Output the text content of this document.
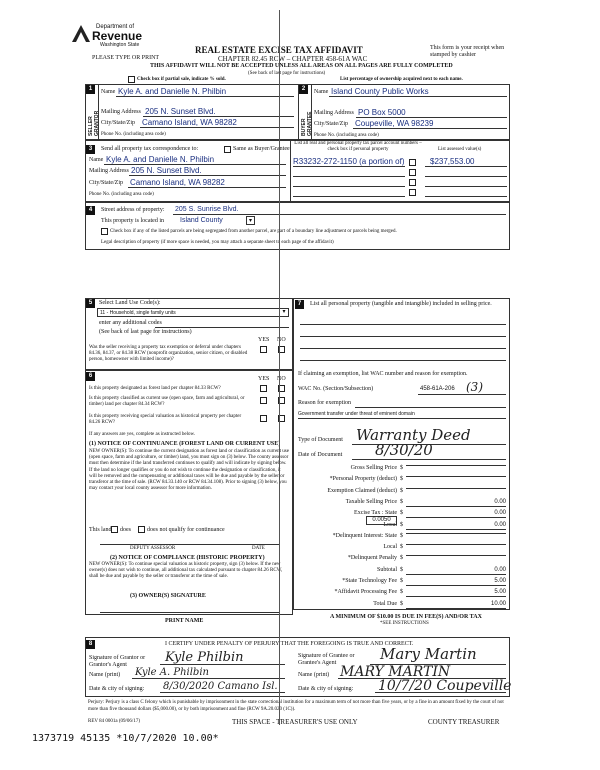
Department of
Revenue
Washington State	REAL ESTATE EXCISE TAX AFFIDAVIT
CHAPTER 82.45 RCW – CHAPTER 458-61A WAC
THIS AFFIDAVIT WILL NOT BE ACCEPTED UNLESS ALL AREAS ON ALL PAGES ARE FULLY COMPLETED
PLEASE TYPE OR PRINT
(See back of last page for instructions)
This form is your receipt when stamped by cashier
Check box if partial sale, indicate % sold.	List percentage of ownership acquired next to each name.
1
SELLER GRANTOR
Name Kyle A. and Danielle N. Philbin
Mailing Address 205 N. Sunset Blvd.
City/State/Zip Camano Island, WA 98282
Phone No. (including area code)
2
BUYER GRANTEE
Name Island County Public Works
Mailing Address PO Box 5000
City/State/Zip Coupeville, WA 98239
Phone No. (including area code)
3	Send all property tax correspondence to:	Same as Buyer/Grantee
Name Kyle A. and Danielle N. Philbin
Mailing Address 205 N. Sunset Blvd.
City/State/Zip Camano Island, WA 98282
Phone No. (including area code)
List all real and personal property tax parcel account numbers – check box if personal property	List assessed value(s)
R33232-272-1150 (a portion of)	$237,553.00
4	Street address of property: 205 S. Sunrise Blvd.
This property is located in Island County	▾
Check box if any of the listed parcels are being segregated from another parcel, are part of a boundary line adjustment or parcels being merged.
Legal description of property (if more space is needed, you may attach a separate sheet to each page of the affidavit)
5	Select Land Use Code(s):
11 - Household, single family units	▾
enter any additional codes
(See back of last page for instructions)
YES NO
Was the seller receiving a property tax exemption or deferral under chapters 84.36, 84.37, or 84.38 RCW (nonprofit organization, senior citizen, or disabled person, homeowner with limited income)?
6	YES NO
Is this property designated as forest land per chapter 84.33 RCW?
Is this property classified as current use (open space, farm and agricultural, or timber) land per chapter 84.34 RCW?
Is this property receiving special valuation as historical property per chapter 84.26 RCW?
If any answers are yes, complete as instructed below.
(1) NOTICE OF CONTINUANCE (FOREST LAND OR CURRENT USE)
NEW OWNER(S): To continue the current designation as forest land or classification as current use (open space, farm and agriculture, or timber) land, you must sign on (3) below. The county assessor must then determine if the land transferred continues to qualify and will indicate by signing below. If the land no longer qualifies or you do not wish to continue the designation or classification, it will be removed and the compensating or additional taxes will be due and payable by the seller or transferor at the time of sale. (RCW 84.33.140 or RCW 84.34.108). Prior to signing (3) below, you may contact your local county assessor for more information.
This land does	does not qualify for continuance
DEPUTY ASSESSOR	DATE
(2) NOTICE OF COMPLIANCE (HISTORIC PROPERTY)
NEW OWNER(S): To continue special valuation as historic property, sign (3) below. If the new owner(s) does not wish to continue, all additional tax calculated pursuant to chapter 84.26 RCW, shall be due and payable by the seller or transferor at the time of sale.
(3) OWNER(S) SIGNATURE
PRINT NAME
7	List all personal property (tangible and intangible) included in selling price.
If claiming an exemption, list WAC number and reason for exemption.
WAC No. (Section/Subsection)	458-61A-206 (3)
Reason for exemption
Government transfer under threat of eminent domain
Type of Document Warranty Deed
Date of Document 8/30/20
Gross Selling Price $
*Personal Property (deduct) $
Exemption Claimed (deduct) $
Taxable Selling Price $	0.00
Excise Tax : State $	0.00
Local $	0.00
*Delinquent Interest: State $
Local $
*Delinquent Penalty $
Subtotal $	0.00
*State Technology Fee $	5.00
*Affidavit Processing Fee $	5.00
Total Due $	10.00
0.0050
A MINIMUM OF $10.00 IS DUE IN FEE(S) AND/OR TAX
*SEE INSTRUCTIONS
8	I CERTIFY UNDER PENALTY OF PERJURY THAT THE FOREGOING IS TRUE AND CORRECT.
Signature of Grantor or Grantor's Agent	Kyle Philbin
Name (print) Kyle A. Philbin
Date & city of signing: 8/30/2020 Camano Isl.
Signature of Grantee or Grantee's Agent	Mary Martin
Name (print) MARY MARTIN
Date & city of signing: 10/7/20 Coupeville
Perjury: Perjury is a class C felony which is punishable by imprisonment in the state correctional institution for a maximum term of not more than five years, or by a fine in an amount fixed by the court of not more than five thousand dollars ($5,000.00), or by both imprisonment and fine (RCW 9A.20.020 (1C)).
REV 84 0001a (09/06/17)	THIS SPACE - TREASURER'S USE ONLY	COUNTY TREASURER
1373719 45135 *10/7/2020 10.00*
